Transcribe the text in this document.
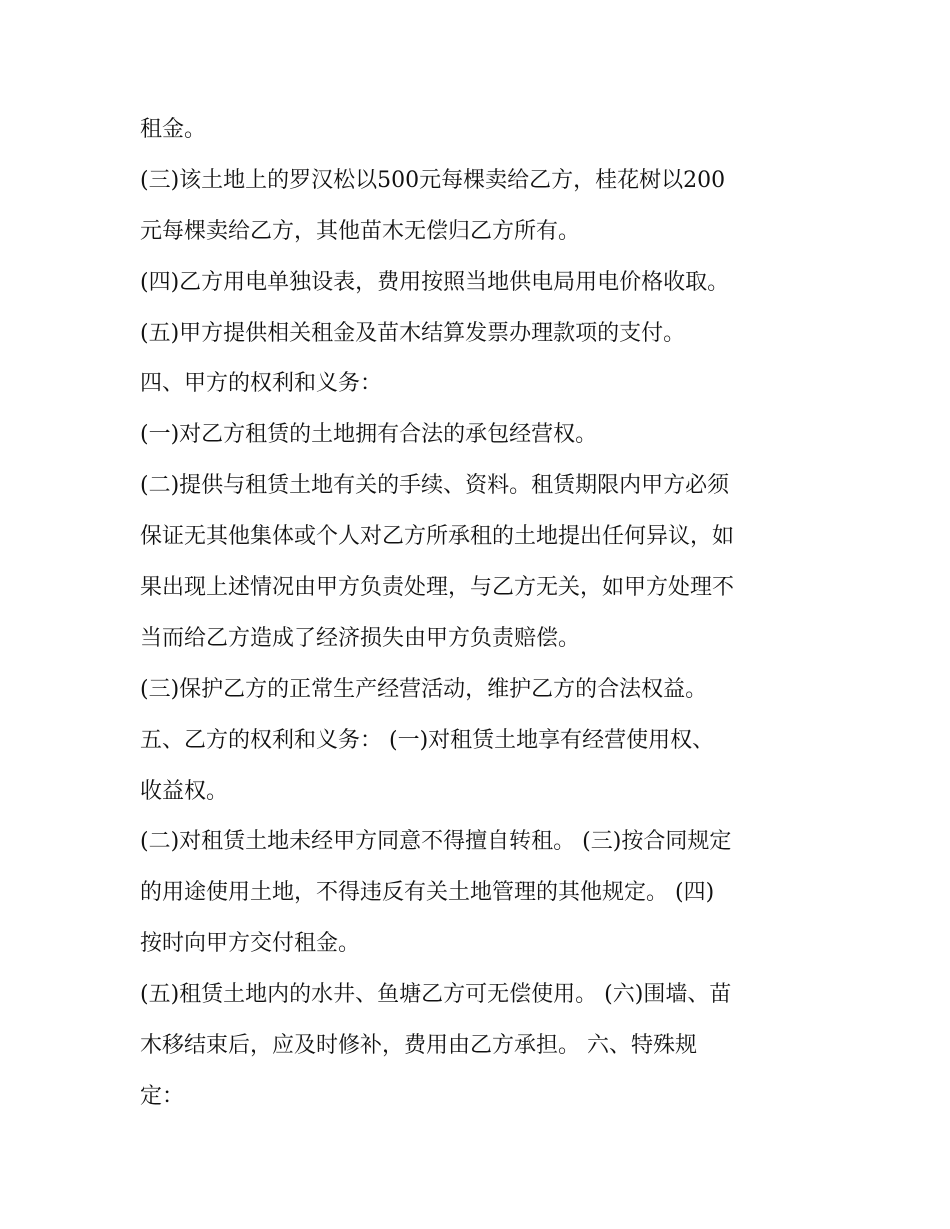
租金。
(三)该土地上的罗汉松以500元每棵卖给乙方，桂花树以200
元每棵卖给乙方，其他苗木无偿归乙方所有。
(四)乙方用电单独设表，费用按照当地供电局用电价格收取。
(五)甲方提供相关租金及苗木结算发票办理款项的支付。
四、甲方的权利和义务：
(一)对乙方租赁的土地拥有合法的承包经营权。
(二)提供与租赁土地有关的手续、资料。租赁期限内甲方必须
保证无其他集体或个人对乙方所承租的土地提出任何异议，如
果出现上述情况由甲方负责处理，与乙方无关，如甲方处理不
当而给乙方造成了经济损失由甲方负责赔偿。
(三)保护乙方的正常生产经营活动，维护乙方的合法权益。
五、乙方的权利和义务： (一)对租赁土地享有经营使用权、
收益权。
(二)对租赁土地未经甲方同意不得擅自转租。 (三)按合同规定
的用途使用土地，不得违反有关土地管理的其他规定。 (四)
按时向甲方交付租金。
(五)租赁土地内的水井、鱼塘乙方可无偿使用。 (六)围墙、苗
木移结束后，应及时修补，费用由乙方承担。 六、特殊规
定：
